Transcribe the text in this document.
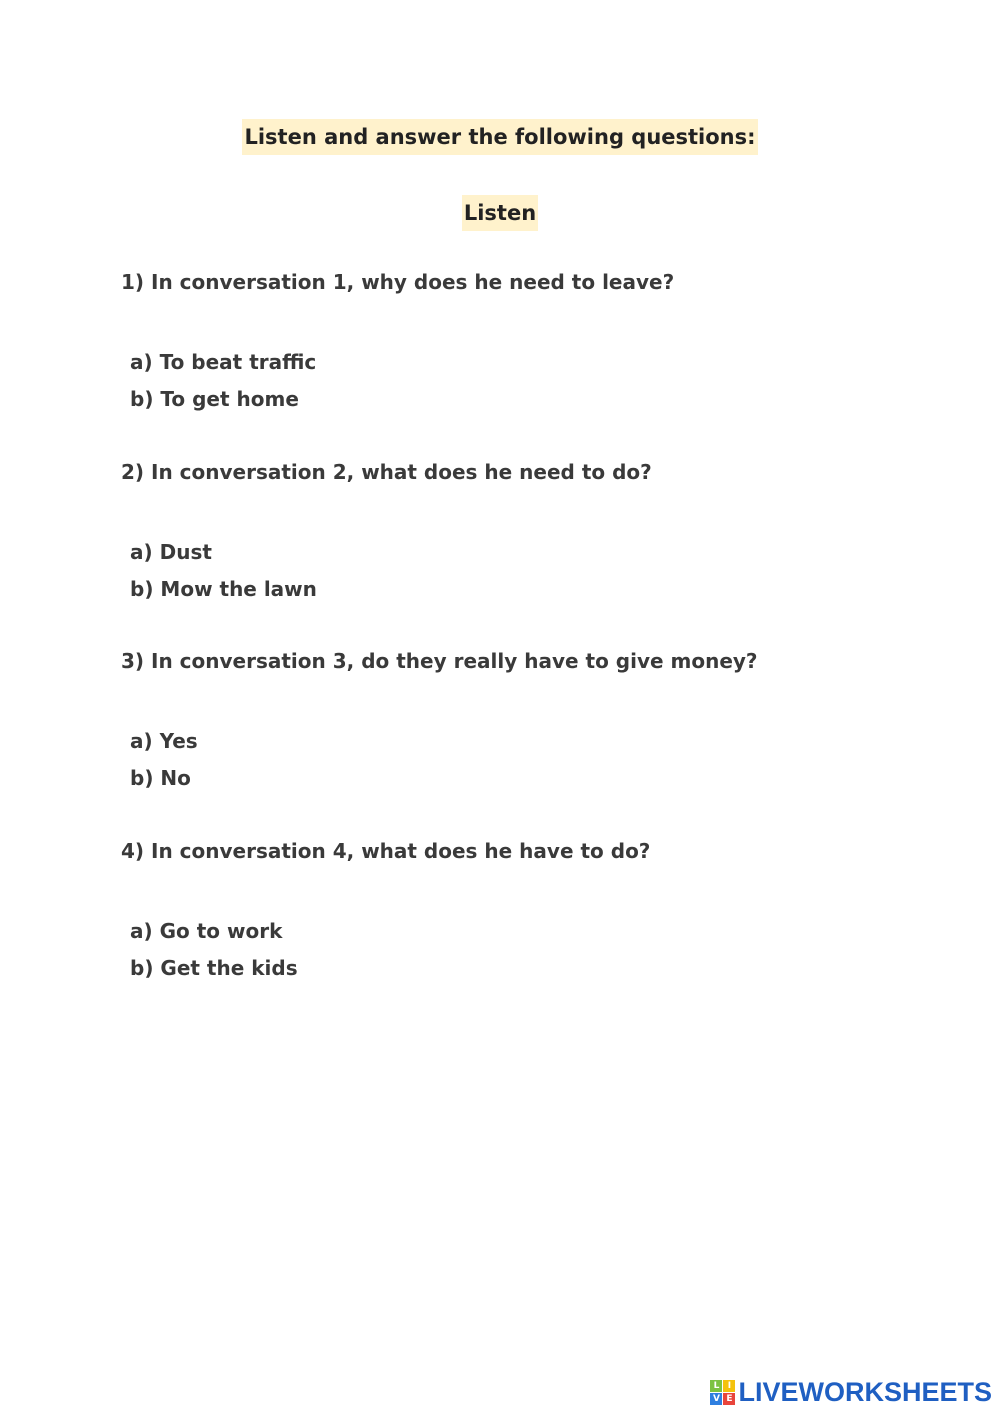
Listen and answer the following questions:
Listen
1) In conversation 1, why does he need to leave?
a) To beat traffic
b) To get home
2) In conversation 2, what does he need to do?
a) Dust
b) Mow the lawn
3) In conversation 3, do they really have to give money?
a) Yes
b) No
4) In conversation 4, what does he have to do?
a) Go to work
b) Get the kids
L I
V E LIVEWORKSHEETS
